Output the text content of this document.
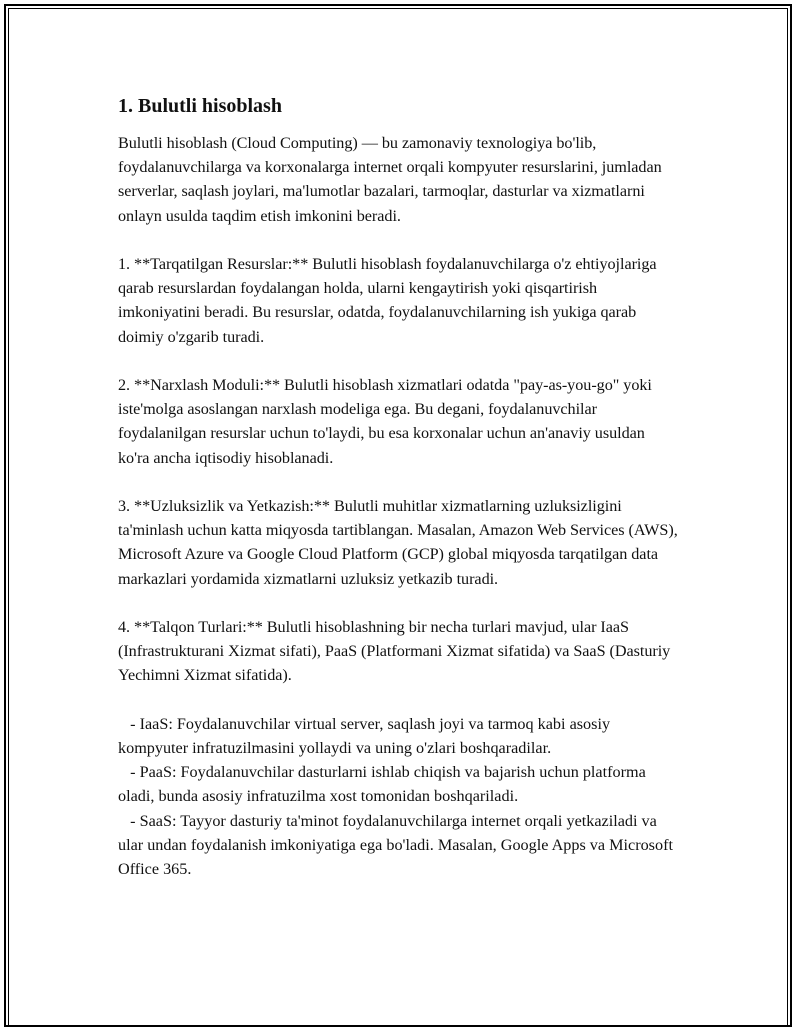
1. Bulutli hisoblash

Bulutli hisoblash (Cloud Computing) — bu zamonaviy texnologiya bo'lib, foydalanuvchilarga va korxonalarga internet orqali kompyuter resurslarini, jumladan serverlar, saqlash joylari, ma'lumotlar bazalari, tarmoqlar, dasturlar va xizmatlarni onlayn usulda taqdim etish imkonini beradi.

1. **Tarqatilgan Resurslar:** Bulutli hisoblash foydalanuvchilarga o'z ehtiyojlariga qarab resurslardan foydalangan holda, ularni kengaytirish yoki qisqartirish imkoniyatini beradi. Bu resurslar, odatda, foydalanuvchilarning ish yukiga qarab doimiy o'zgarib turadi.

2. **Narxlash Moduli:** Bulutli hisoblash xizmatlari odatda "pay-as-you-go" yoki iste'molga asoslangan narxlash modeliga ega. Bu degani, foydalanuvchilar foydalanilgan resurslar uchun to'laydi, bu esa korxonalar uchun an'anaviy usuldan ko'ra ancha iqtisodiy hisoblanadi.

3. **Uzluksizlik va Yetkazish:** Bulutli muhitlar xizmatlarning uzluksizligini ta'minlash uchun katta miqyosda tartiblangan. Masalan, Amazon Web Services (AWS), Microsoft Azure va Google Cloud Platform (GCP) global miqyosda tarqatilgan data markazlari yordamida xizmatlarni uzluksiz yetkazib turadi.

4. **Talqon Turlari:** Bulutli hisoblashning bir necha turlari mavjud, ular IaaS (Infrastrukturani Xizmat sifati), PaaS (Platformani Xizmat sifatida) va SaaS (Dasturiy Yechimni Xizmat sifatida).

- IaaS: Foydalanuvchilar virtual server, saqlash joyi va tarmoq kabi asosiy kompyuter infratuzilmasini yollaydi va uning o'zlari boshqaradilar.

- PaaS: Foydalanuvchilar dasturlarni ishlab chiqish va bajarish uchun platforma oladi, bunda asosiy infratuzilma xost tomonidan boshqariladi.

- SaaS: Tayyor dasturiy ta'minot foydalanuvchilarga internet orqali yetkaziladi va ular undan foydalanish imkoniyatiga ega bo'ladi. Masalan, Google Apps va Microsoft Office 365.
